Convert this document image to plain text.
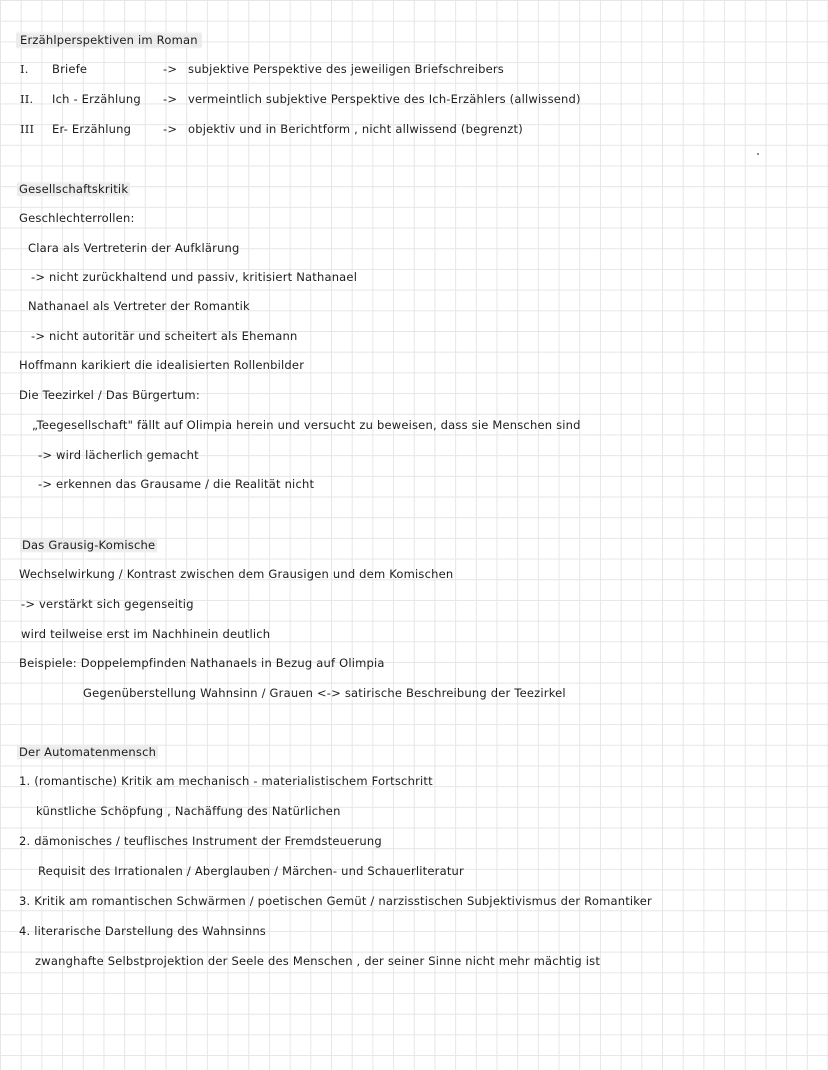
Erzählperspektiven im Roman
I. Briefe	-> subjektive Perspektive des jeweiligen Briefschreibers
II. Ich - Erzählung -> vermeintlich subjektive Perspektive des Ich-Erzählers (allwissend)
III Er- Erzählung	-> objektiv und in Berichtform , nicht allwissend (begrenzt)
Gesellschaftskritik
Geschlechterrollen:
Clara als Vertreterin der Aufklärung
-> nicht zurückhaltend und passiv, kritisiert Nathanael
Nathanael als Vertreter der Romantik
-> nicht autoritär und scheitert als Ehemann
Hoffmann karikiert die idealisierten Rollenbilder
Die Teezirkel / Das Bürgertum:
„Teegesellschaft" fällt auf Olimpia herein und versucht zu beweisen, dass sie Menschen sind
-> wird lächerlich gemacht
-> erkennen das Grausame / die Realität nicht
Das Grausig-Komische
Wechselwirkung / Kontrast zwischen dem Grausigen und dem Komischen
-> verstärkt sich gegenseitig
wird teilweise erst im Nachhinein deutlich
Beispiele: Doppelempfinden Nathanaels in Bezug auf Olimpia
Gegenüberstellung Wahnsinn / Grauen <-> satirische Beschreibung der Teezirkel
Der Automatenmensch
1. (romantische) Kritik am mechanisch - materialistischem Fortschritt
künstliche Schöpfung , Nachäffung des Natürlichen
2. dämonisches / teuflisches Instrument der Fremdsteuerung
Requisit des Irrationalen / Aberglauben / Märchen- und Schauerliteratur
3. Kritik am romantischen Schwärmen / poetischen Gemüt / narzisstischen Subjektivismus der Romantiker
4. literarische Darstellung des Wahnsinns
zwanghafte Selbstprojektion der Seele des Menschen , der seiner Sinne nicht mehr mächtig ist
